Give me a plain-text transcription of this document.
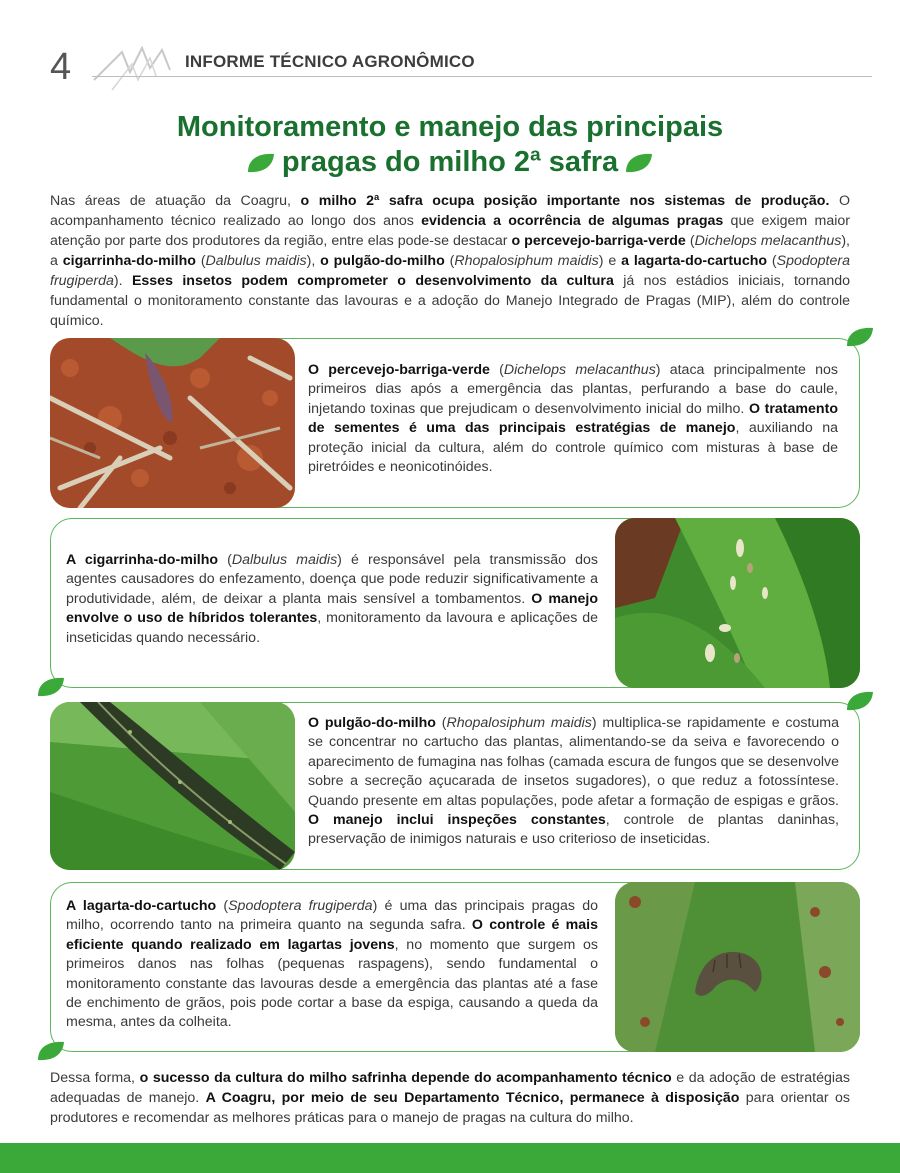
4	INFORME TÉCNICO AGRONÔMICO
Monitoramento e manejo das principais
pragas do milho 2ª safra
Nas áreas de atuação da Coagru, o milho 2ª safra ocupa posição importante nos sistemas de produção. O acompanhamento técnico realizado ao longo dos anos evidencia a ocorrência de algumas pragas que exigem maior atenção por parte dos produtores da região, entre elas pode-se destacar o percevejo-barriga-verde (Dichelops melacanthus), a cigarrinha-do-milho (Dalbulus maidis), o pulgão-do-milho (Rhopalosiphum maidis) e a lagarta-do-cartucho (Spodoptera frugiperda). Esses insetos podem comprometer o desenvolvimento da cultura já nos estádios iniciais, tornando fundamental o monitoramento constante das lavouras e a adoção do Manejo Integrado de Pragas (MIP), além do controle químico.
O percevejo-barriga-verde (Dichelops melacanthus) ataca principalmente nos primeiros dias após a emergência das plantas, perfurando a base do caule, injetando toxinas que prejudicam o desenvolvimento inicial do milho. O tratamento de sementes é uma das principais estratégias de manejo, auxiliando na proteção inicial da cultura, além do controle químico com misturas à base de piretróides e neonicotinóides.
A cigarrinha-do-milho (Dalbulus maidis) é responsável pela transmissão dos agentes causadores do enfezamento, doença que pode reduzir significativamente a produtividade, além, de deixar a planta mais sensível a tombamentos. O manejo envolve o uso de híbridos tolerantes, monitoramento da lavoura e aplicações de inseticidas quando necessário.
O pulgão-do-milho (Rhopalosiphum maidis) multiplica-se rapidamente e costuma se concentrar no cartucho das plantas, alimentando-se da seiva e favorecendo o aparecimento de fumagina nas folhas (camada escura de fungos que se desenvolve sobre a secreção açucarada de insetos sugadores), o que reduz a fotossíntese. Quando presente em altas populações, pode afetar a formação de espigas e grãos. O manejo inclui inspeções constantes, controle de plantas daninhas, preservação de inimigos naturais e uso criterioso de inseticidas.
A lagarta-do-cartucho (Spodoptera frugiperda) é uma das principais pragas do milho, ocorrendo tanto na primeira quanto na segunda safra. O controle é mais eficiente quando realizado em lagartas jovens, no momento que surgem os primeiros danos nas folhas (pequenas raspagens), sendo fundamental o monitoramento constante das lavouras desde a emergência das plantas até a fase de enchimento de grãos, pois pode cortar a base da espiga, causando a queda da mesma, antes da colheita.
Dessa forma, o sucesso da cultura do milho safrinha depende do acompanhamento técnico e da adoção de estratégias adequadas de manejo. A Coagru, por meio de seu Departamento Técnico, permanece à disposição para orientar os produtores e recomendar as melhores práticas para o manejo de pragas na cultura do milho.
